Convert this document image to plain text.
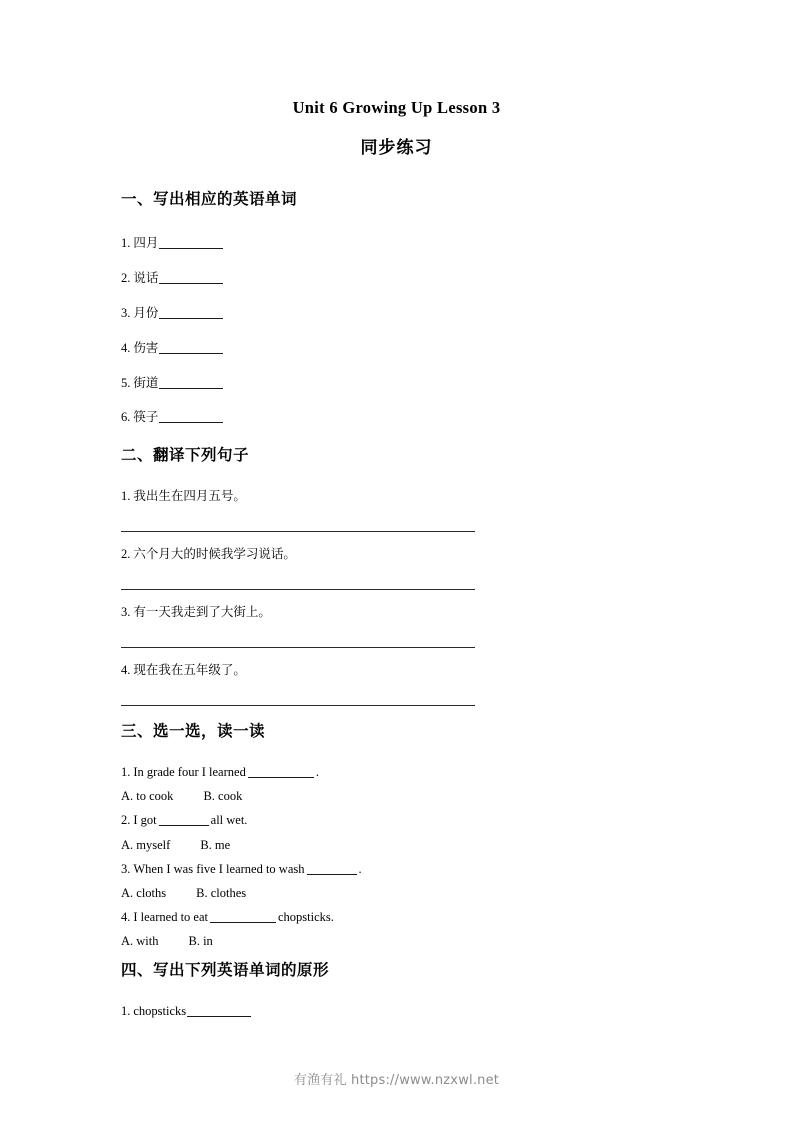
Unit 6 Growing Up Lesson 3
同步练习
一、写出相应的英语单词
1. 四月
2. 说话
3. 月份
4. 伤害
5. 街道
6. 筷子
二、翻译下列句子
1. 我出生在四月五号。
2. 六个月大的时候我学习说话。
3. 有一天我走到了大街上。
4. 现在我在五年级了。
三、选一选，读一读
1. In grade four I learned	.
A. to cook B. cook
2. I got	all wet.
A. myself B. me
3. When I was five I learned to wash	.
A. cloths B. clothes
4. I learned to eat	chopsticks.
A. with B. in
四、写出下列英语单词的原形
1. chopsticks
有渔有礼 https://www.nzxwl.net
